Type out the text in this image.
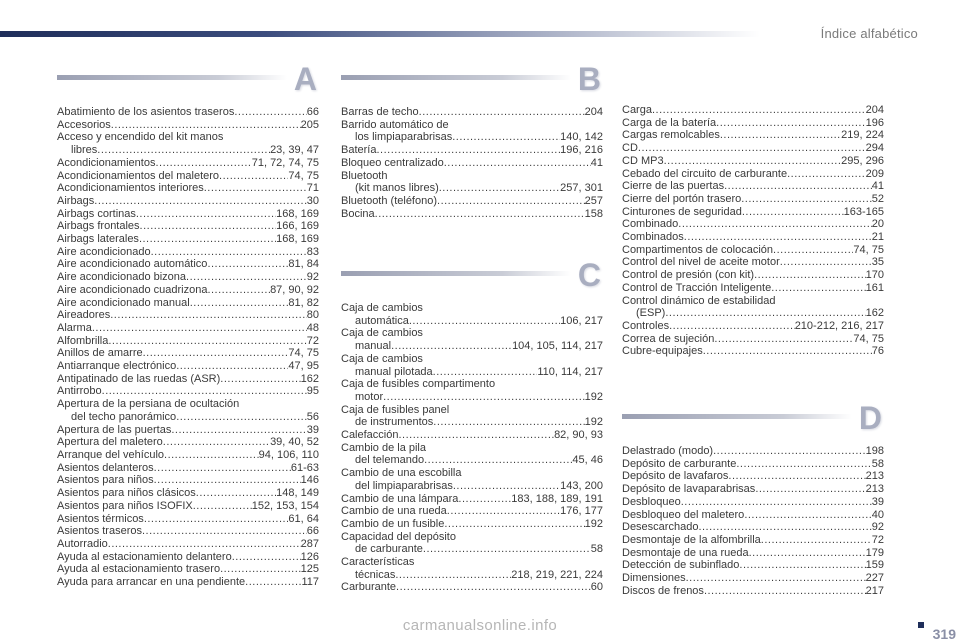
Índice alfabético
A
Abatimiento de los asientos traseros .....	66
Accesorios .....	205
Acceso y encendido del kit manos
libres .....	23, 39, 47
Acondicionamientos .....	71, 72, 74, 75
Acondicionamientos del maletero .....	74, 75
Acondicionamientos interiores .....	71
Airbags .....	30
Airbags cortinas .....	168, 169
Airbags frontales .....	166, 169
Airbags laterales .....	168, 169
Aire acondicionado .....	83
Aire acondicionado automático .....	81, 84
Aire acondicionado bizona .....	92
Aire acondicionado cuadrizona .....	87, 90, 92
Aire acondicionado manual .....	81, 82
Aireadores .....	80
Alarma .....	48
Alfombrilla .....	72
Anillos de amarre .....	74, 75
Antiarranque electrónico .....	47, 95
Antipatinado de las ruedas (ASR) .....	162
Antirrobo .....	95
Apertura de la persiana de ocultación
del techo panorámico .....	56
Apertura de las puertas .....	39
Apertura del maletero .....	39, 40, 52
Arranque del vehículo .....	94, 106, 110
Asientos delanteros .....	61-63
Asientos para niños .....	146
Asientos para niños clásicos .....	148, 149
Asientos para niños ISOFIX .....	152, 153, 154
Asientos térmicos .....	61, 64
Asientos traseros .....	66
Autorradio .....	287
Ayuda al estacionamiento delantero .....	126
Ayuda al estacionamiento trasero .....	125
Ayuda para arrancar en una pendiente .....	117
B
Barras de techo .....	204
Barrido automático de
los limpiaparabrisas .....	140, 142
Batería .....	196, 216
Bloqueo centralizado .....	41
Bluetooth
(kit manos libres) .....	257, 301
Bluetooth (teléfono) .....	257
Bocina .....	158
C
Caja de cambios
automática .....	106, 217
Caja de cambios
manual .....	104, 105, 114, 217
Caja de cambios
manual pilotada .....	110, 114, 217
Caja de fusibles compartimento
motor .....	192
Caja de fusibles panel
de instrumentos .....	192
Calefacción .....	82, 90, 93
Cambio de la pila
del telemando .....	45, 46
Cambio de una escobilla
del limpiaparabrisas .....	143, 200
Cambio de una lámpara .....	183, 188, 189, 191
Cambio de una rueda .....	176, 177
Cambio de un fusible .....	192
Capacidad del depósito
de carburante .....	58
Características
técnicas .....	218, 219, 221, 224
Carburante .....	60
Carga .....	204
Carga de la batería .....	196
Cargas remolcables .....	219, 224
CD .....	294
CD MP3 .....	295, 296
Cebado del circuito de carburante .....	209
Cierre de las puertas .....	41
Cierre del portón trasero .....	52
Cinturones de seguridad .....	163-165
Combinado .....	20
Combinados .....	21
Compartimentos de colocación .....	74, 75
Control del nivel de aceite motor .....	35
Control de presión (con kit) .....	170
Control de Tracción Inteligente .....	161
Control dinámico de estabilidad
(ESP) .....	162
Controles .....	210-212, 216, 217
Correa de sujeción .....	74, 75
Cubre-equipajes .....	76
D
Delastrado (modo) .....	198
Depósito de carburante .....	58
Depósito de lavafaros .....	213
Depósito de lavaparabrisas .....	213
Desbloqueo .....	39
Desbloqueo del maletero .....	40
Desescarchado .....	92
Desmontaje de la alfombrilla .....	72
Desmontaje de una rueda .....	179
Detección de subinflado .....	159
Dimensiones .....	227
Discos de frenos .....	217
319
carmanualsonline.info
